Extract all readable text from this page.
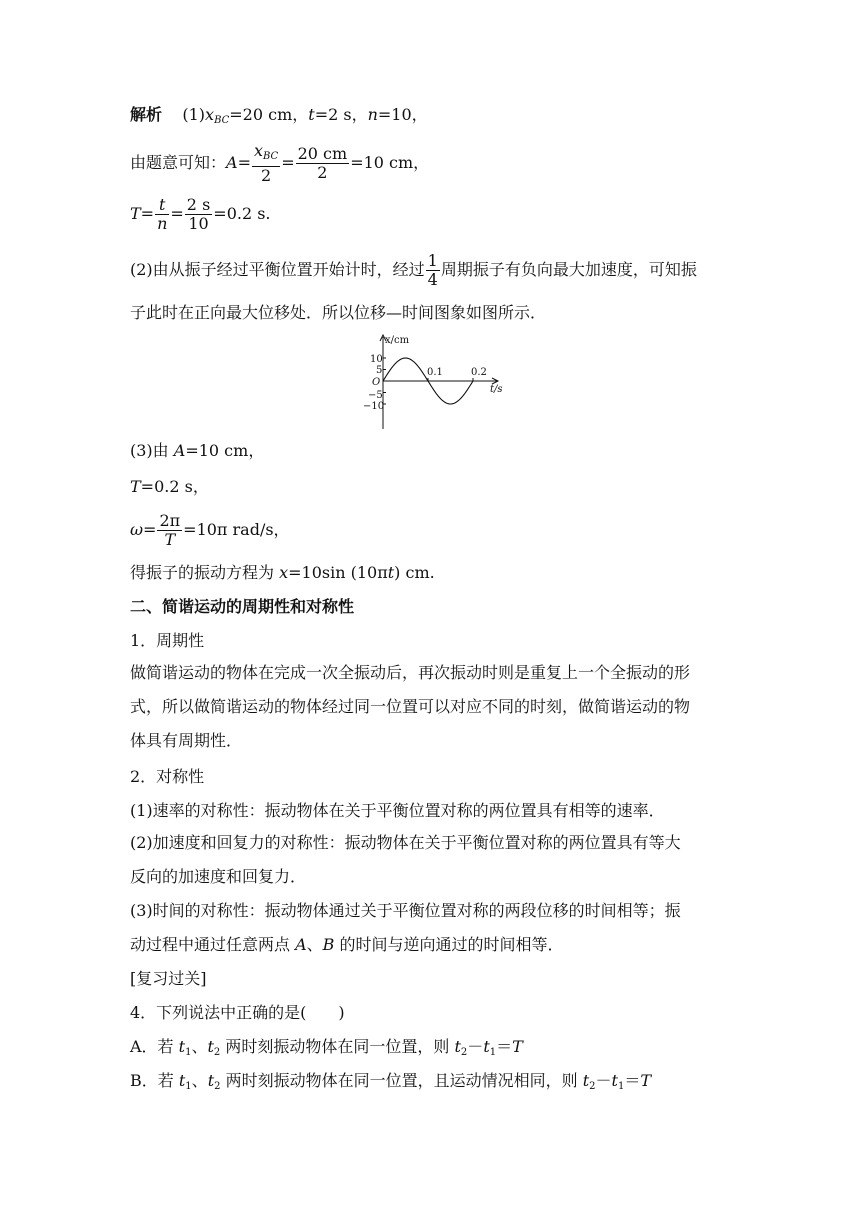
解析 $(1)x_{BC}=20$ cm，t=2 s，n=10，
由题意可知：$A= \frac{x_{BC}}{2} = \frac{20 cm}{2} =10$ cm，
$T= \frac{t}{n} = \frac{2 s}{10} =0.2$ s.
(2)由从振子经过平衡位置开始计时，经过 $\frac{1}{4}$ 周期振子有负向最大加速度，可知振
子此时在正向最大位移处．所以位移—时间图象如图所示．
x/cm
t/s
O
10
5
−5
−10
0.1	0.2
(3)由 A=10 cm，
T=0.2 s，
$\omega= \frac{2\pi}{T} =10\pi$ rad/s，
得振子的振动方程为 x=10sin (10πt) cm.
二、简谐运动的周期性和对称性
1．周期性
做简谐运动的物体在完成一次全振动后，再次振动时则是重复上一个全振动的形
式，所以做简谐运动的物体经过同一位置可以对应不同的时刻，做简谐运动的物
体具有周期性．
2．对称性
(1)速率的对称性：振动物体在关于平衡位置对称的两位置具有相等的速率．
(2)加速度和回复力的对称性：振动物体在关于平衡位置对称的两位置具有等大
反向的加速度和回复力．
(3)时间的对称性：振动物体通过关于平衡位置对称的两段位移的时间相等；振
动过程中通过任意两点 A、B 的时间与逆向通过的时间相等．
[复习过关]
4．下列说法中正确的是(　　)
A．若 $t_1$、$t_2$ 两时刻振动物体在同一位置，则 $t_2-t_1=T$
B．若 $t_1$、$t_2$ 两时刻振动物体在同一位置，且运动情况相同，则 $t_2-t_1=T$
